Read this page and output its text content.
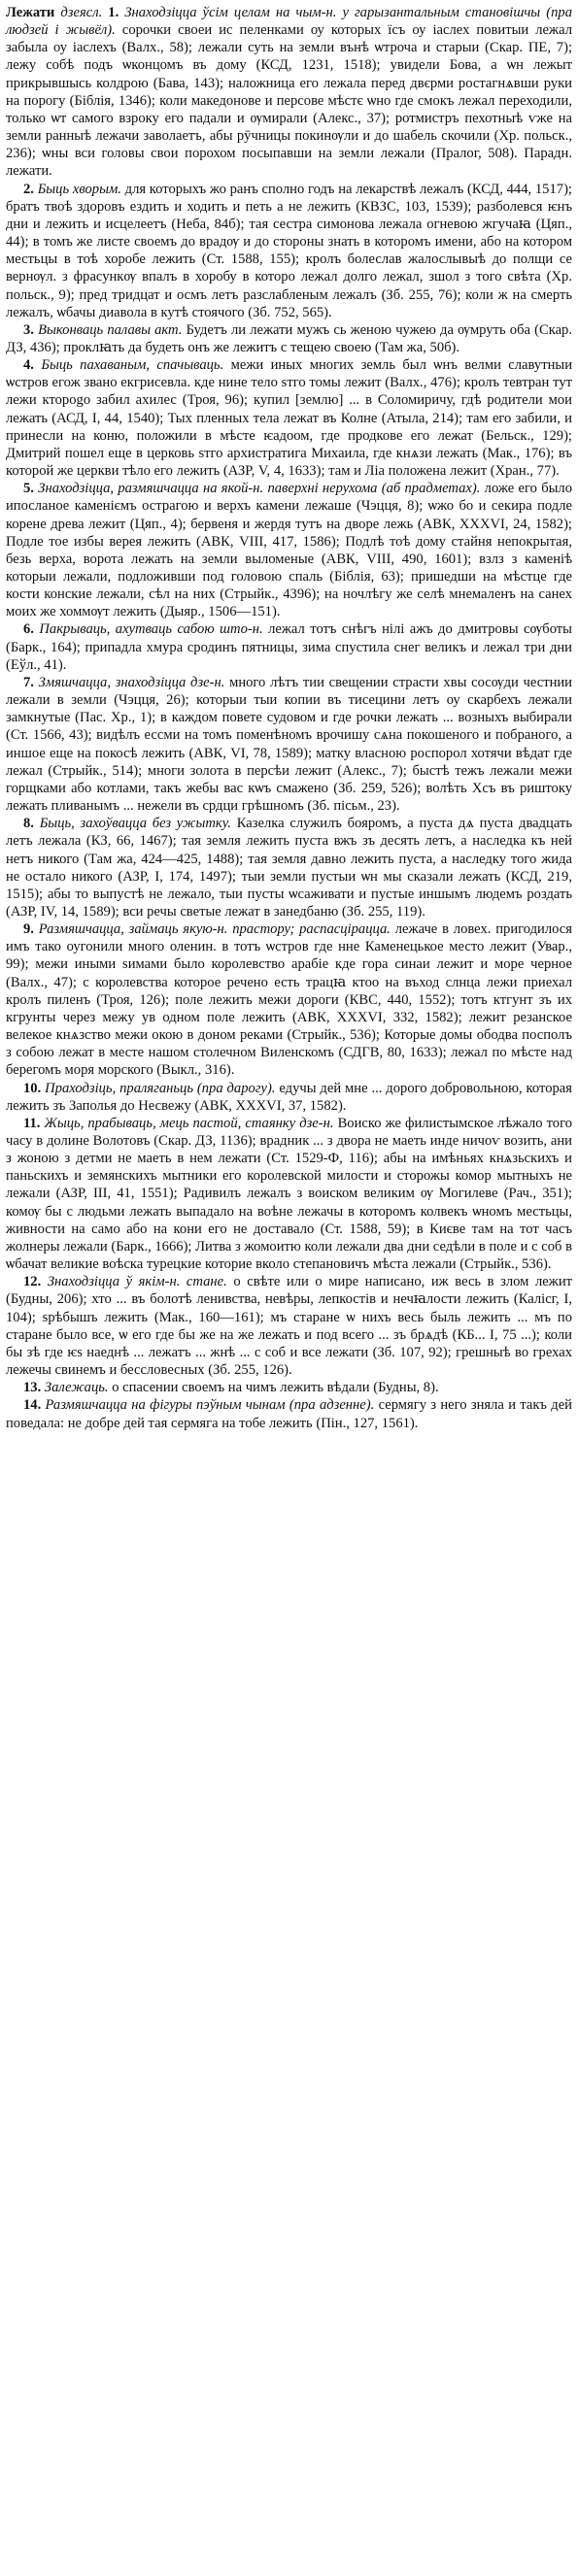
Лежати дзеясл. 1. Знаходзіцца ўсім целам на чым-н. у гарызантальным становішчы (пра людзей і жывёл). сорочки своеи ис пеленками оу которых їсъ оу іаслех повитыи лежал забыла оу іаслехъ (Валх., 58); лежали суть на земли вънѣ ѡтроча и старыи (Скар. ПЕ, 7); лежу собѣ подъ ѡконцомъ въ дому (КСД, 1231, 1518); увидели Бова, а ѡн лежыт прикрывшысь колдрою (Бава, 143); наложница его лежала перед двєрми ростагнѧвши руки на порогу (Біблія, 1346); коли македонове и персове мѣстє ѡно где смокъ лежал переходили, только ѡт самого взроку его падали и ѹмирали (Алекс., 37); ротмистръ пехотныѣ ѵже на земли ранныѣ лежачи заволаетъ, абы рӯчницы покинѹли и до шабель скочили (Хр. польск., 236); ѡны вси головы свои порохом посыпавши на земли лежали (Пралог, 508). Парадн. лежати.

2. Быць хворым. для которыхъ жо ранъ сполно годъ на лекарствѣ лежалъ (КСД, 444, 1517); братъ твоѣ здоровъ ездить и ходить и петь а не лежить (КВЗС, 103, 1539); разболевся ѥнъ дни и лежить и исцелеетъ (Неба, 84б); тая сестра симонова лежала огневою жгучаꙗ (Цяп., 44); в томъ же листе своемъ до врадѹ и до стороны знать в которомъ имени, або на котором местьцы в тоѣ хоробе лежить (Ст. 1588, 155); кролъ болеслав жалослывыѣ до полщи се вернѹл. з фрасункѹ впалъ в хоробу в которо лежал долго лежал, зшол з того свѣта (Хр. польск., 9); пред тридцат и осмъ летъ разслабленым лежалъ (Зб. 255, 76); коли ж на смерть лежалъ, ѡбачы диавола в кутѣ стоячого (Зб. 752, 565).

3. Выконваць палавы акт. Будетъ ли лежати мужъ сь женою чужею да ѹмруть оба (Скар. ДЗ, 436); проклꙗть да будеть онъ же лежитъ с тещею своею (Там жа, 50б).

4. Быць пахаваным, спачываць. межи иных многих земль был ѡнъ велми славутныи ѡстров егож звано екгрисевла. кде нине тело ѕтго томы лежит (Валх., 476); кролъ тевтран тут лежи ктороgo забил ахилес (Троя, 96); купил [землю] ... в Соломиричу, гдѣ родители мои лежать (АСД, I, 44, 1540); Тых пленных тела лежат въ Колне (Атыла, 214); там его забили, и принесли на коню, положили в мѣсте ѥадоом, где продкове его лежат (Бельск., 129); Дмитрий пошел еще в церковь ѕтго архистратига Михаила, где кнѧзи лежать (Мак., 176); въ которой же церкви тѣло его лежить (АЗР, V, 4, 1633); там и Ліа положена лежит (Хран., 77).

5. Знаходзіцца, размяшчацца на якой-н. паверхні нерухома (аб прадметах). ложе его было ипосланое каменіємъ острагою и верхъ камени лежаше (Чэцця, 8); ѡжо бо и секира подле корене древа лежит (Цяп., 4); бервеня и жердя тутъ на дворе лежь (АВК, XXXVI, 24, 1582); Подле тое избы верея лежить (АВК, VIII, 417, 1586); Подлѣ тоѣ дому стайня непокрытая, безь верха, ворота лежать на земли выломеные (АВК, VIII, 490, 1601); взлз з каменіѣ которыи лежали, подложивши под головою спаль (Біблія, 63); пришедши на мѣстце где кости конские лежали, сѣл на них (Стрыйк., 4396); на ночлѣгу же селѣ мнемаленъ на санех моих же хоммѹт лежить (Дыяр., 1506—151).

6. Пакрываць, ахутваць сабою што-н. лежал тотъ снѣгъ нiлi ажъ до дмитровы сѹботы (Барк., 164); припадла хмура сродинъ пятницы, зима спустила снег великъ и лежал три дни (Еўл., 41).

7. Змяшчацца, знаходзіцца дзе-н. много лѣтъ тии свещении страсти хвы сосѹди честнии лежали в земли (Чэцця, 26); которыи тыи копии въ тисецини летъ оу скарбехъ лежали замкнутые (Пас. Хр., 1); в каждом повете судовом и где рочки лежать ... возныхъ выбирали (Ст. 1566, 43); видѣлъ ессми на томъ поменѣномъ врочишу сѧна покошеного и побраного, а иншое еще на покосѣ лежить (АВК, VI, 78, 1589); матку власною роспорол хотячи вѣдат где лежал (Стрыйк., 514); многи золота в персѣи лежит (Алекс., 7); быстѣ тежъ лежали межи горщками або котлами, такъ жебы вас кѡъ смажено (Зб. 259, 526); волѣть Хсъ въ риштоку лежать пливанымъ ... нежели въ срдци грѣшномъ (Зб. пісьм., 23).

8. Быць, захоўвацца без ужытку. Казелка служилъ бояромъ, а пуста дѧ пуста двадцать летъ лежала (КЗ, 66, 1467); тая земля лежить пуста вжъ зъ десять летъ, а наследка къ ней нетъ никого (Там жа, 424—425, 1488); тая земля давно лежить пуста, а наследку того жида не осталo никого (АЗР, I, 174, 1497); тыи земли пустыи ѡн мы сказали лежать (КСД, 219, 1515); абы то выпустѣ не лежало, тыи пусты ѡсаживати и пустые иншымъ людемъ роздать (АЗР, IV, 14, 1589); вси речы светые лежат в занедбаню (Зб. 255, 119).

9. Размяшчацца, займаць якую-н. прастору; распасцірацца. лежаче в ловех. пригодилося имъ тако оугонили много оленин. в тотъ ѡстров где нне Каменецькое место лежит (Увар., 99); межи иными ѕимами было королевство арабіе кде гора синаи лежит и море черное (Валх., 47); с королевства которое речено есть трацꙗ ктоо на въход слнца лежи приехал кролъ пиленъ (Троя, 126); поле лежить межи дороги (КВС, 440, 1552); тотъ ктгунт зъ их кгрунты через межу ув одном поле лежить (АВК, XXXVI, 332, 1582); лежит резанское велекое кнѧзство межи окою в доном реками (Стрыйк., 536); Которые домы ободва посполъ з собою лежат в месте нашом столечном Виленскомъ (СДГВ, 80, 1633); лежал по мѣсте над берегомъ моря морского (Выкл., 316).

10. Праходзіць, праляганьць (пра дарогу). едучы дей мне ... дорого добровольною, которая лежить зъ Заполья до Несвежу (АВК, XXXVI, 37, 1582).

11. Жыць, прабываць, мець пастой, стаянку дзе-н. Воиско же филистымское лѣжало того часу в долине Волотовъ (Скар. ДЗ, 1136); врадник ... з двора не маеть инде ничоѵ возить, ани з жоною з детми не маеть в нем лежати (Ст. 1529-Ф, 116); абы на имѣньях кнѧзьскихъ и паньскихъ и земянскихъ мытники его королевской милости и сторожы комор мытныхъ не лежали (АЗР, III, 41, 1551); Радивилъ лежалъ з воиском великим ѹ Могилеве (Рач., 351); комѹ бы с людьми лежать выпадало на воѣне лежачы в которомъ колвекъ ѡномъ местьцы, живности на само або на кони его не доставало (Ст. 1588, 59); в Києве там на тот часъ жолнеры лежали (Барк., 1666); Литва з жомоитю коли лежали два дни седѣли в поле и с соб в ѡбачат великие воѣска турецкие которие вколо степановичъ мѣста лежали (Стрыйк., 536).

12. Знаходзіцца ў якім-н. стане. о свѣте или о мире написано, иж весь в злом лежит (Будны, 206); хто ... въ болотѣ ленивства, невѣры, лепкостів и нечꙗлости лежить (Калісг, I, 104); ѕрѣбышъ лежить (Мак., 160—161); мъ старане ѡ нихъ весь быль лежить ... мъ по старане было все, ѡ его где бы же на же лежать и под всего ... зъ брѧдѣ (КБ... I, 75 ...); коли бы зѣ где ѥѕ наеднѣ ... лежатъ ... жнѣ ... с соб и все лежати (Зб. 107, 92); грешныѣ во грехах лежечы свинемъ и бессловесных (Зб. 255, 126).

13. Залежаць. о спасении своемъ на чимъ лежить вѣдали (Будны, 8).

14. Размяшчацца на фігуры пэўным чынам (пра адзенне). сермягу з него зняла и такъ дей поведала: не добре дей тая сермяга на тобе лежить (Пін., 127, 1561).
